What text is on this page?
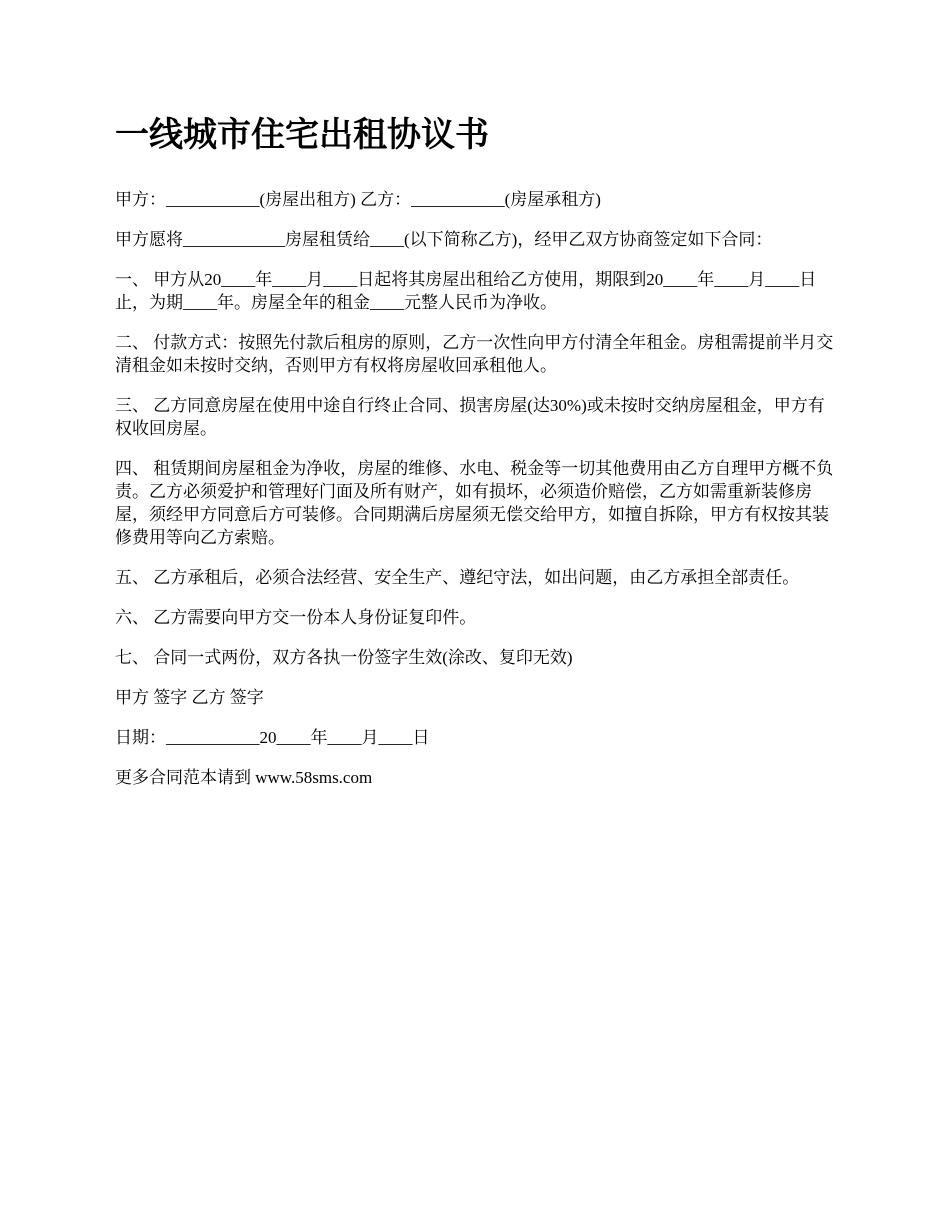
一线城市住宅出租协议书

甲方：___________(房屋出租方) 乙方：___________(房屋承租方)

甲方愿将____________房屋租赁给____(以下简称乙方)，经甲乙双方协商签定如下合同：

一、 甲方从20____年____月____日起将其房屋出租给乙方使用，期限到20____年____月____日止，为期____年。房屋全年的租金____元整人民币为净收。

二、 付款方式：按照先付款后租房的原则，乙方一次性向甲方付清全年租金。房租需提前半月交清租金如未按时交纳，否则甲方有权将房屋收回承租他人。

三、 乙方同意房屋在使用中途自行终止合同、损害房屋(达30%)或未按时交纳房屋租金，甲方有权收回房屋。

四、 租赁期间房屋租金为净收，房屋的维修、水电、税金等一切其他费用由乙方自理甲方概不负责。乙方必须爱护和管理好门面及所有财产，如有损坏，必须造价赔偿，乙方如需重新装修房屋，须经甲方同意后方可装修。合同期满后房屋须无偿交给甲方，如擅自拆除，甲方有权按其装修费用等向乙方索赔。

五、 乙方承租后，必须合法经营、安全生产、遵纪守法，如出问题，由乙方承担全部责任。

六、 乙方需要向甲方交一份本人身份证复印件。

七、 合同一式两份，双方各执一份签字生效(涂改、复印无效)

甲方 签字 乙方 签字

日期：___________20____年____月____日

更多合同范本请到 www.58sms.com
